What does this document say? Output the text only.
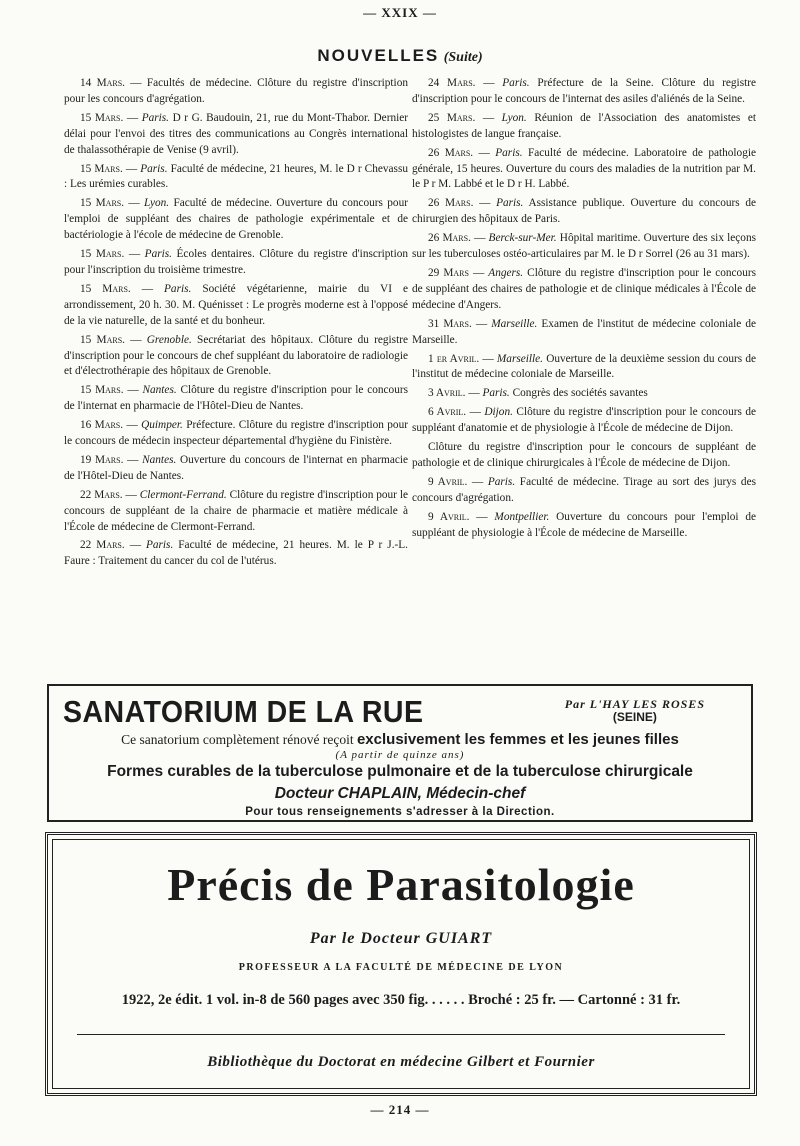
— XXIX —
NOUVELLES (Suite)

14 Mars. — Facultés de médecine. Clôture du registre d'inscription pour les concours d'agrégation.

15 Mars. — Paris. D r G. Baudouin, 21, rue du Mont-Thabor. Dernier délai pour l'envoi des titres des communications au Congrès international de thalassothérapie de Venise (9 avril).

15 Mars. — Paris. Faculté de médecine, 21 heures, M. le D r Chevassu : Les urémies curables.

15 Mars. — Lyon. Faculté de médecine. Ouverture du concours pour l'emploi de suppléant des chaires de pathologie expérimentale et de bactériologie à l'école de médecine de Grenoble.

15 Mars. — Paris. Écoles dentaires. Clôture du registre d'inscription pour l'inscription du troisième trimestre.

15 Mars. — Paris. Société végétarienne, mairie du VI e arrondissement, 20 h. 30. M. Quénisset : Le progrès moderne est à l'opposé de la vie naturelle, de la santé et du bonheur.

15 Mars. — Grenoble. Secrétariat des hôpitaux. Clôture du registre d'inscription pour le concours de chef suppléant du laboratoire de radiologie et d'électrothérapie des hôpitaux de Grenoble.

15 Mars. — Nantes. Clôture du registre d'inscription pour le concours de l'internat en pharmacie de l'Hôtel-Dieu de Nantes.

16 Mars. — Quimper. Préfecture. Clôture du registre d'inscription pour le concours de médecin inspecteur départemental d'hygiène du Finistère.

19 Mars. — Nantes. Ouverture du concours de l'internat en pharmacie de l'Hôtel-Dieu de Nantes.

22 Mars. — Clermont-Ferrand. Clôture du registre d'inscription pour le concours de suppléant de la chaire de pharmacie et matière médicale à l'École de médecine de Clermont-Ferrand.

22 Mars. — Paris. Faculté de médecine, 21 heures. M. le P r J.-L. Faure : Traitement du cancer du col de l'utérus.

24 Mars. — Paris. Préfecture de la Seine. Clôture du registre d'inscription pour le concours de l'internat des asiles d'aliénés de la Seine.

25 Mars. — Lyon. Réunion de l'Association des anatomistes et histologistes de langue française.

26 Mars. — Paris. Faculté de médecine. Laboratoire de pathologie générale, 15 heures. Ouverture du cours des maladies de la nutrition par M. le P r M. Labbé et le D r H. Labbé.

26 Mars. — Paris. Assistance publique. Ouverture du concours de chirurgien des hôpitaux de Paris.

26 Mars. — Berck-sur-Mer. Hôpital maritime. Ouverture des six leçons sur les tuberculoses ostéo-articulaires par M. le D r Sorrel (26 au 31 mars).

29 Mars — Angers. Clôture du registre d'inscription pour le concours de suppléant des chaires de pathologie et de clinique médicales à l'École de médecine d'Angers.

31 Mars. — Marseille. Examen de l'institut de médecine coloniale de Marseille.

1 er Avril. — Marseille. Ouverture de la deuxième session du cours de l'institut de médecine coloniale de Marseille.

3 Avril. — Paris. Congrès des sociétés savantes

6 Avril. — Dijon. Clôture du registre d'inscription pour le concours de suppléant d'anatomie et de physiologie à l'École de médecine de Dijon.

Clôture du registre d'inscription pour le concours de suppléant de pathologie et de clinique chirurgicales à l'École de médecine de Dijon.

9 Avril. — Paris. Faculté de médecine. Tirage au sort des jurys des concours d'agrégation.

9 Avril. — Montpellier. Ouverture du concours pour l'emploi de suppléant de physiologie à l'École de médecine de Marseille.

SANATORIUM DE LA RUE	Par L'HAY LES ROSES
(SEINE)
Ce sanatorium complètement rénové reçoit exclusivement les femmes et les jeunes filles
(A partir de quinze ans)
Formes curables de la tuberculose pulmonaire et de la tuberculose chirurgicale
Docteur CHAPLAIN, Médecin-chef
Pour tous renseignements s'adresser à la Direction.
Précis de Parasitologie
Par le Docteur GUIART
PROFESSEUR A LA FACULTÉ DE MÉDECINE DE LYON
1922, 2e édit. 1 vol. in-8 de 560 pages avec 350 fig. . . . . . Broché : 25 fr. — Cartonné : 31 fr.
Bibliothèque du Doctorat en médecine Gilbert et Fournier
— 214 —
